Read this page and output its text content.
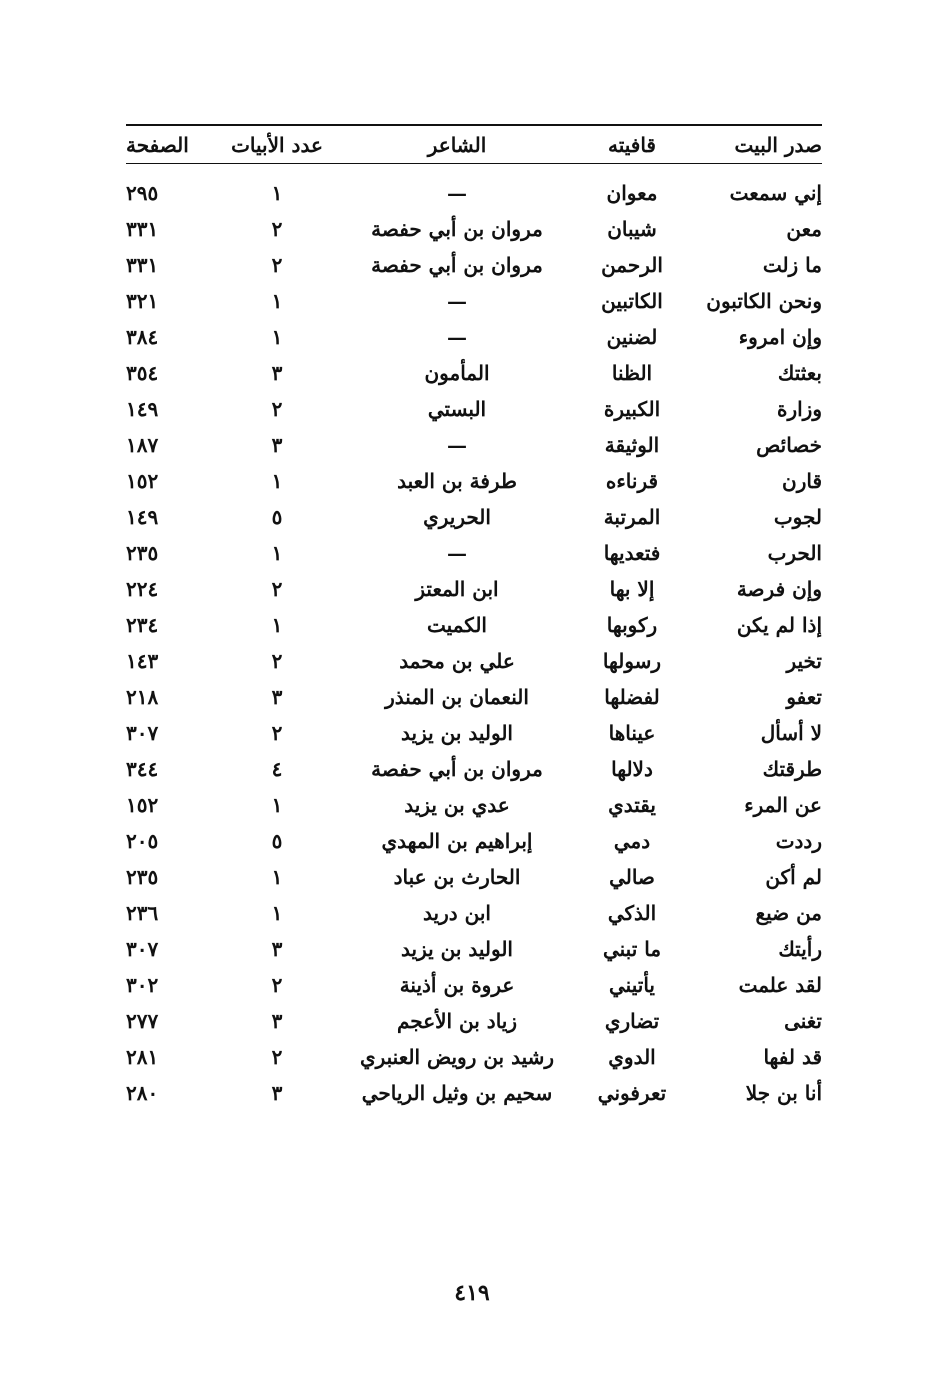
صدر البيت	قافيته	الشاعر	عدد الأبيات	الصفحة
إني سمعت	معوان	—	١	٢٩٥
معن	شيبان	مروان بن أبي حفصة	٢	٣٣١
ما زلت	الرحمن	مروان بن أبي حفصة	٢	٣٣١
ونحن الكاتبون	الكاتبين	—	١	٣٢١
وإن امروء	لضنين	—	١	٣٨٤
بعثتك	الظنا	المأمون	٣	٣٥٤
وزارة	الكبيرة	البستي	٢	١٤٩
خصائص	الوثيقة	—	٣	١٨٧
قارن	قرناءه	طرفة بن العبد	١	١٥٢
لجوب	المرتبة	الحريري	٥	١٤٩
الحرب	فتعديها	—	١	٢٣٥
وإن فرصة	إلا بها	ابن المعتز	٢	٢٢٤
إذا لم يكن	ركوبها	الكميت	١	٢٣٤
تخير	رسولها	علي بن محمد	٢	١٤٣
تعفو	لفضلها	النعمان بن المنذر	٣	٢١٨
لا أسأل	عيناها	الوليد بن يزيد	٢	٣٠٧
طرقتك	دلالها	مروان بن أبي حفصة	٤	٣٤٤
عن المرء	يقتدي	عدي بن يزيد	١	١٥٢
رددت	دمي	إبراهيم بن المهدي	٥	٢٠٥
لم أكن	صالي	الحارث بن عباد	١	٢٣٥
من ضيع	الذكي	ابن دريد	١	٢٣٦
رأيتك	ما تبني	الوليد بن يزيد	٣	٣٠٧
لقد علمت	يأتيني	عروة بن أذينة	٢	٣٠٢
تغنى	تضاري	زياد بن الأعجم	٣	٢٧٧
قد لفها	الدوي	رشيد بن رويض العنبري	٢	٢٨١
أنا بن جلا	تعرفوني	سحيم بن وثيل الرياحي	٣	٢٨٠
٤١٩
